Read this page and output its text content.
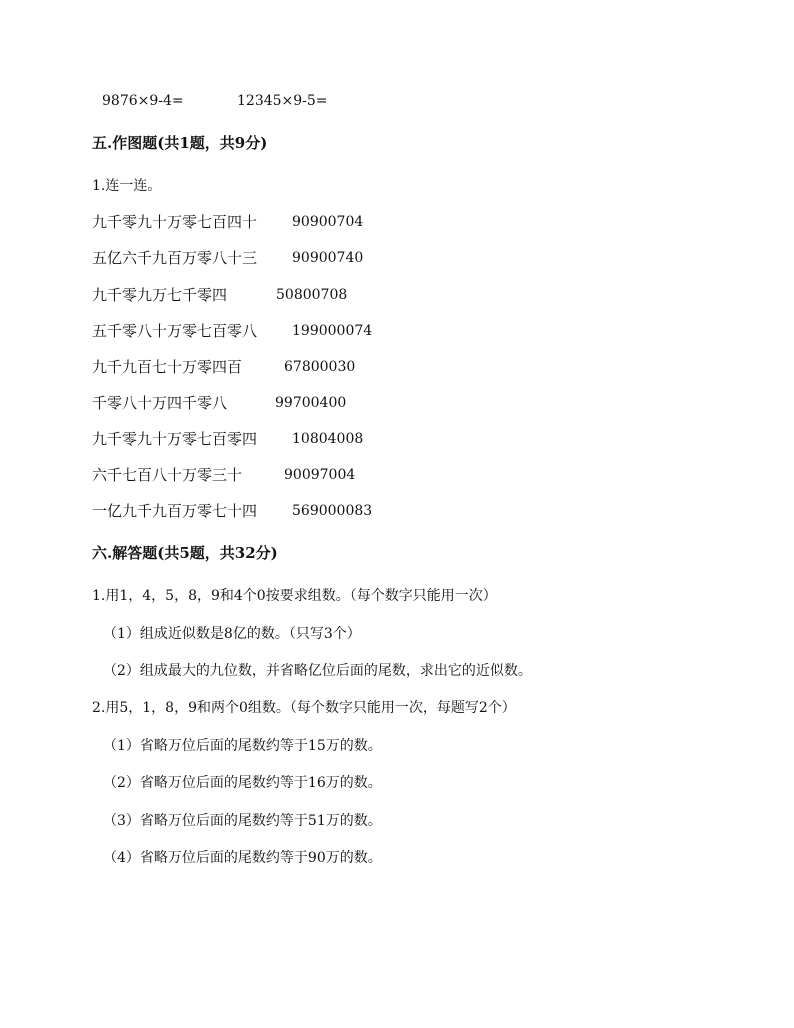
9876×9-4=	12345×9-5=
五.作图题(共1题，共9分)
1.连一连。
九千零九十万零七百四十 90900704
五亿六千九百万零八十三 90900740
九千零九万七千零四	50800708
五千零八十万零七百零八 199000074
九千九百七十万零四百	67800030
千零八十万四千零八	99700400
九千零九十万零七百零四 10804008
六千七百八十万零三十	90097004
一亿九千九百万零七十四 569000083
六.解答题(共5题，共32分)
1.用1，4，5，8，9和4个0按要求组数。（每个数字只能用一次）
（1）组成近似数是8亿的数。（只写3个）
（2）组成最大的九位数，并省略亿位后面的尾数，求出它的近似数。
2.用5，1，8，9和两个0组数。（每个数字只能用一次，每题写2个）
（1）省略万位后面的尾数约等于15万的数。
（2）省略万位后面的尾数约等于16万的数。
（3）省略万位后面的尾数约等于51万的数。
（4）省略万位后面的尾数约等于90万的数。
